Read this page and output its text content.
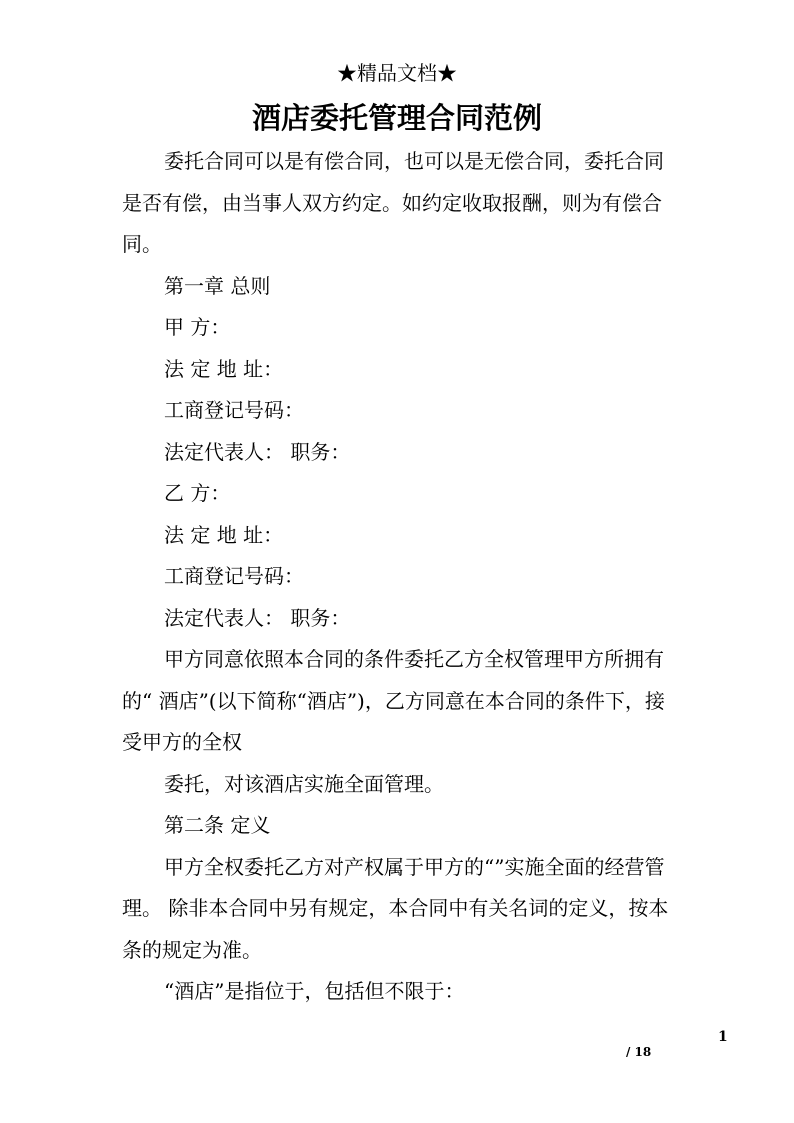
★精品文档★
酒店委托管理合同范例

委托合同可以是有偿合同，也可以是无偿合同，委托合同是否有偿，由当事人双方约定。如约定收取报酬，则为有偿合同。

第一章 总则

甲 方：

法 定 地 址：

工商登记号码：

法定代表人： 职务：

乙 方：

法 定 地 址：

工商登记号码：

法定代表人： 职务：

甲方同意依照本合同的条件委托乙方全权管理甲方所拥有的“ 酒店”(以下简称“酒店”)，乙方同意在本合同的条件下，接受甲方的全权

委托，对该酒店实施全面管理。

第二条 定义

甲方全权委托乙方对产权属于甲方的“”实施全面的经营管理。 除非本合同中另有规定，本合同中有关名词的定义，按本条的规定为准。

“酒店”是指位于，包括但不限于：

1
/ 18
